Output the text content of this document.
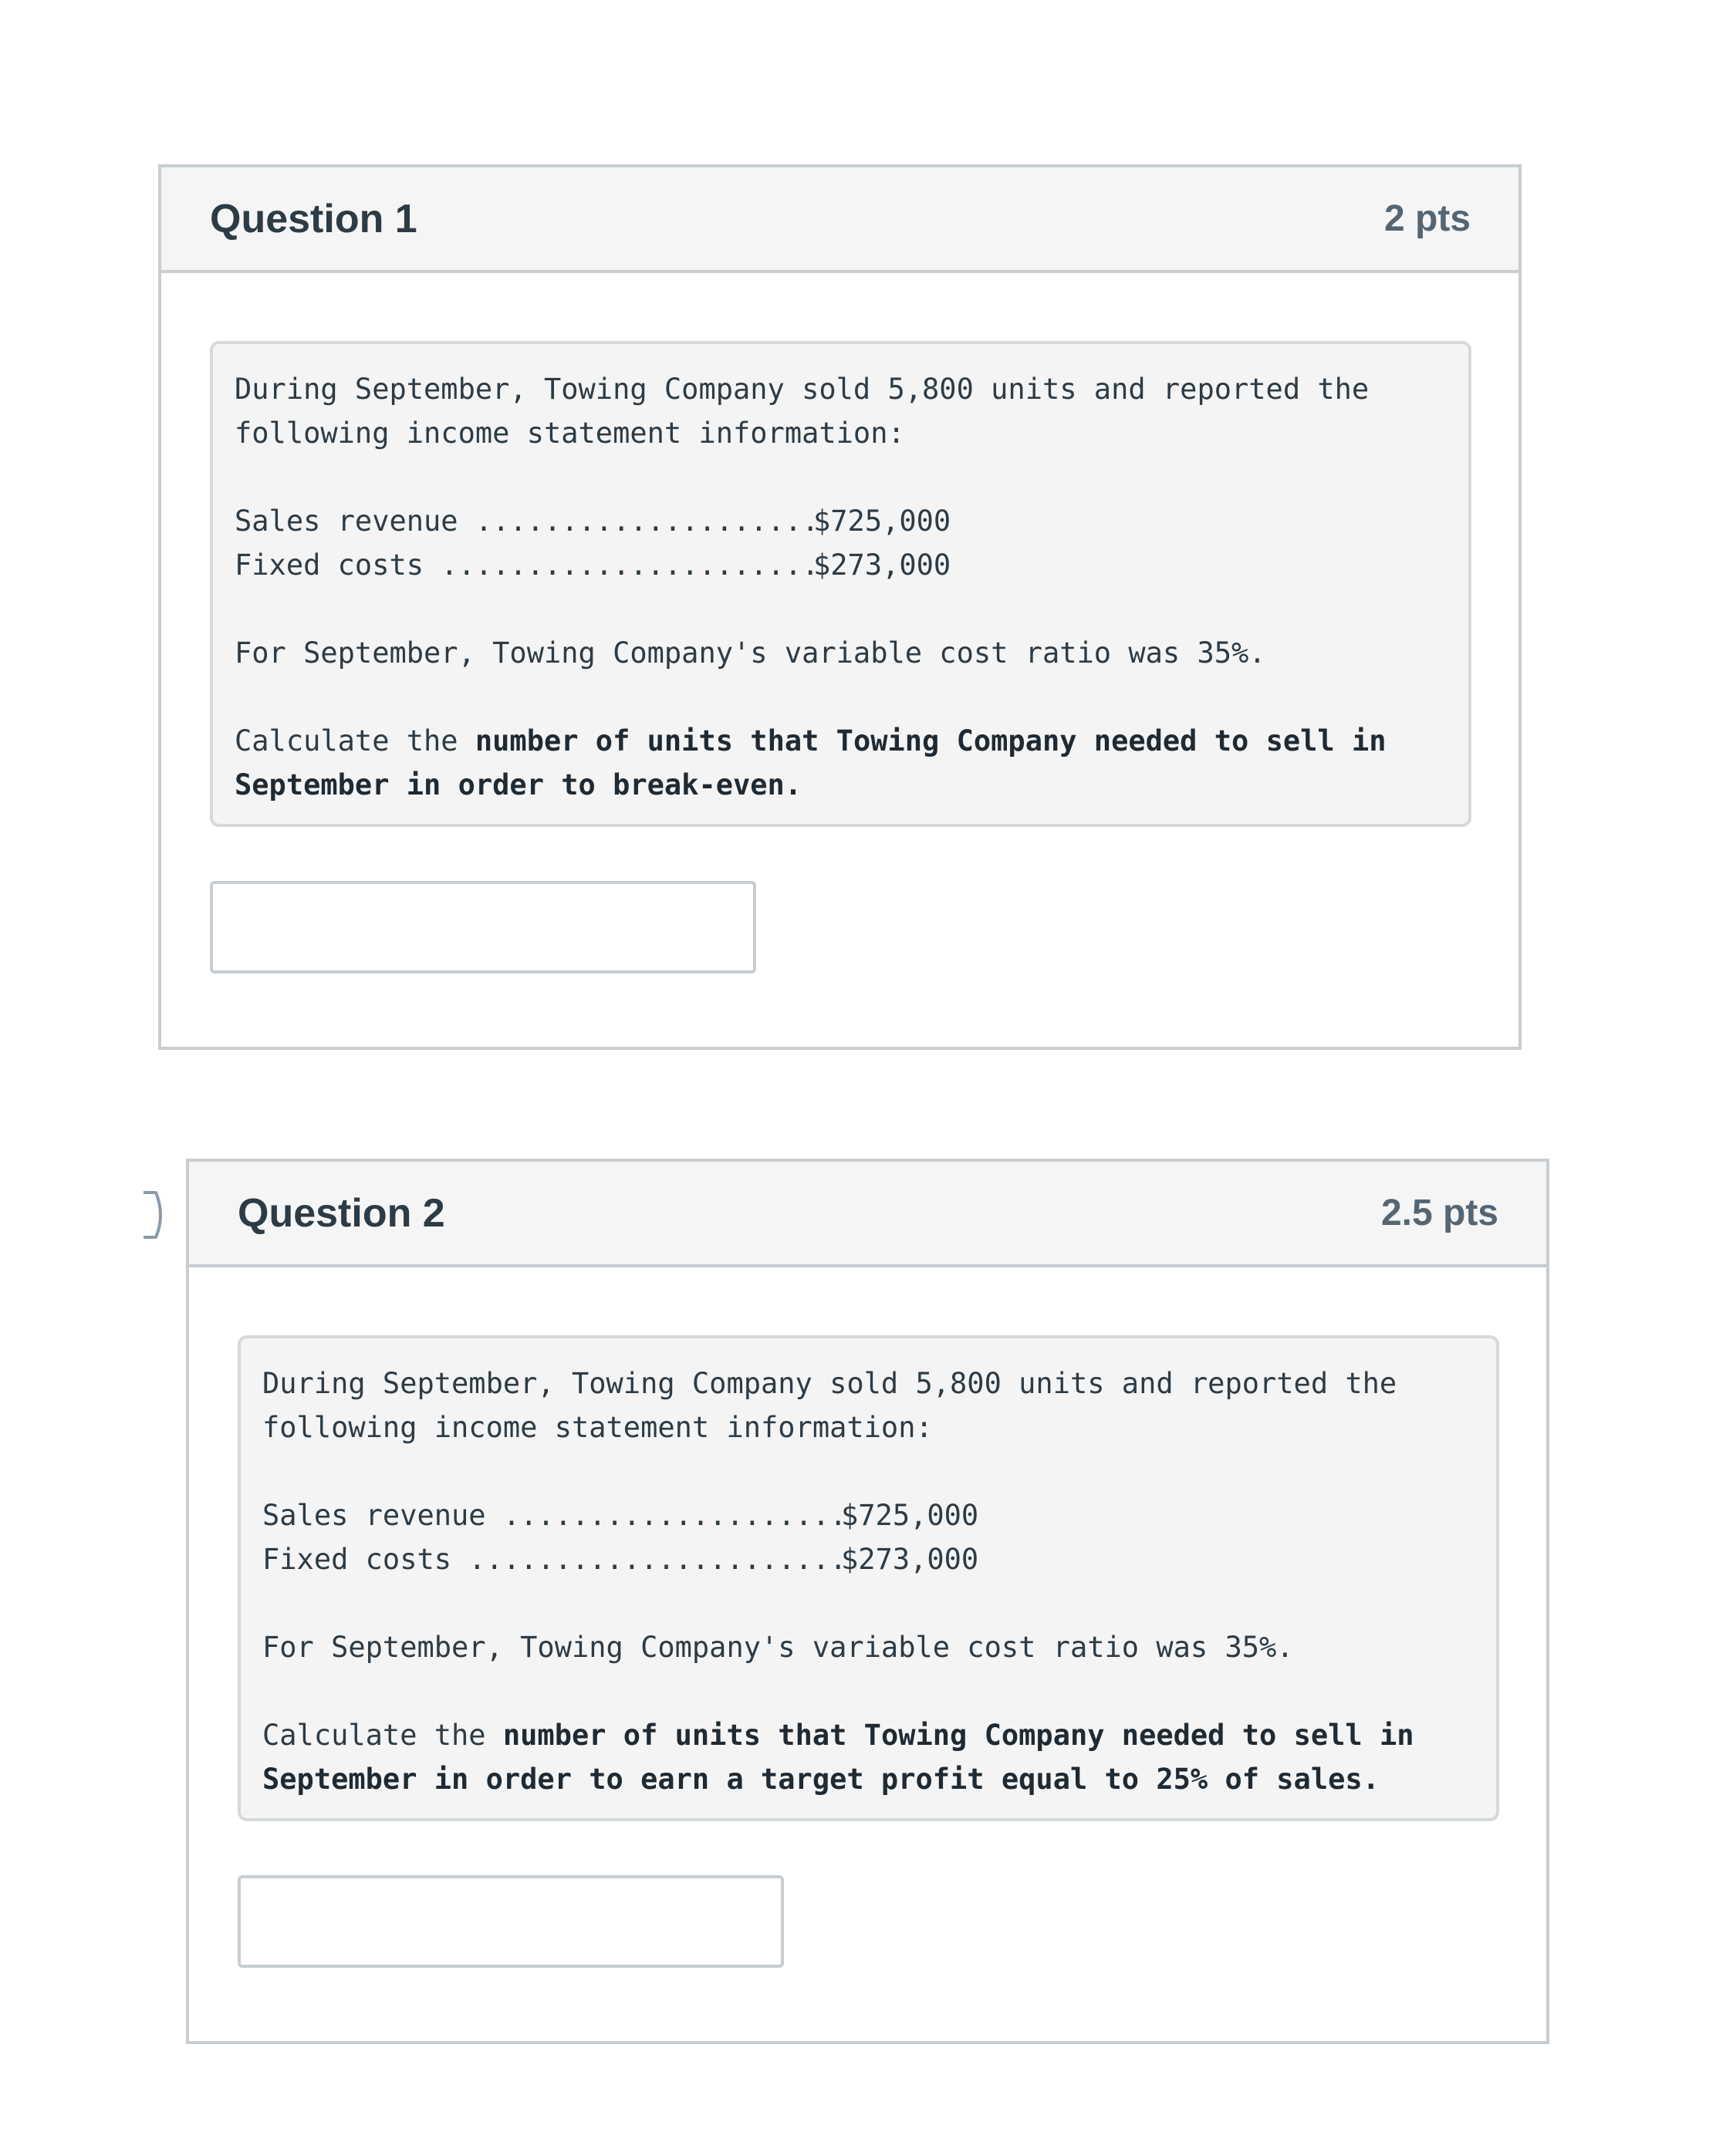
Question 1	2 pts
During September, Towing Company sold 5,800 units and reported the
following income statement information:
Sales revenue ....................
$725,000
Fixed costs ......................
$273,000
For September, Towing Company's variable cost ratio was 35%.
Calculate the number of units that Towing Company needed to sell in
September in order to break-even.
Question 2	2.5 pts
During September, Towing Company sold 5,800 units and reported the
following income statement information:
Sales revenue ....................
$725,000
Fixed costs ......................
$273,000
For September, Towing Company's variable cost ratio was 35%.
Calculate the number of units that Towing Company needed to sell in
September in order to earn a target profit equal to 25% of sales.
